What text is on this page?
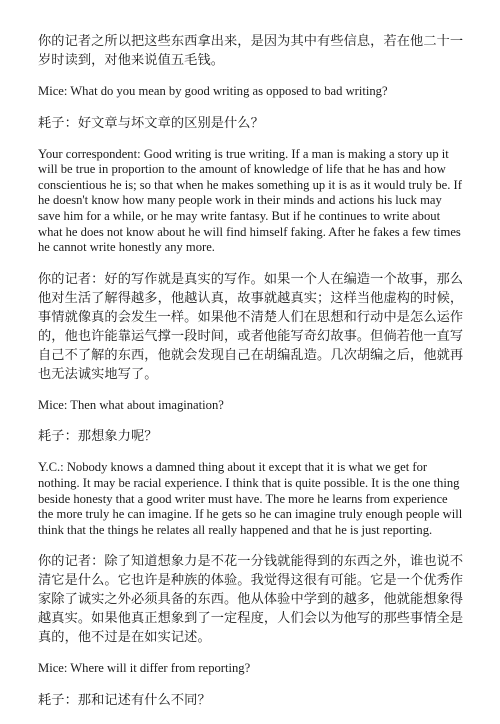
你的记者之所以把这些东西拿出来，是因为其中有些信息，若在他二十一岁时读到，对他来说值五毛钱。

Mice: What do you mean by good writing as opposed to bad writing?

耗子：好文章与坏文章的区别是什么？

Your correspondent: Good writing is true writing. If a man is making a story up it will be true in proportion to the amount of knowledge of life that he has and how conscientious he is; so that when he makes something up it is as it would truly be. If he doesn't know how many people work in their minds and actions his luck may save him for a while, or he may write fantasy. But if he continues to write about what he does not know about he will find himself faking. After he fakes a few times he cannot write honestly any more.

你的记者：好的写作就是真实的写作。如果一个人在编造一个故事，那么他对生活了解得越多，他越认真，故事就越真实；这样当他虚构的时候，事情就像真的会发生一样。如果他不清楚人们在思想和行动中是怎么运作的，他也许能靠运气撑一段时间，或者他能写奇幻故事。但倘若他一直写自己不了解的东西，他就会发现自己在胡编乱造。几次胡编之后，他就再也无法诚实地写了。

Mice: Then what about imagination?

耗子：那想象力呢？

Y.C.: Nobody knows a damned thing about it except that it is what we get for nothing. It may be racial experience. I think that is quite possible. It is the one thing beside honesty that a good writer must have. The more he learns from experience the more truly he can imagine. If he gets so he can imagine truly enough people will think that the things he relates all really happened and that he is just reporting.

你的记者：除了知道想象力是不花一分钱就能得到的东西之外，谁也说不清它是什么。它也许是种族的体验。我觉得这很有可能。它是一个优秀作家除了诚实之外必须具备的东西。他从体验中学到的越多，他就能想象得越真实。如果他真正想象到了一定程度，人们会以为他写的那些事情全是真的，他不过是在如实记述。

Mice: Where will it differ from reporting?

耗子：那和记述有什么不同？
